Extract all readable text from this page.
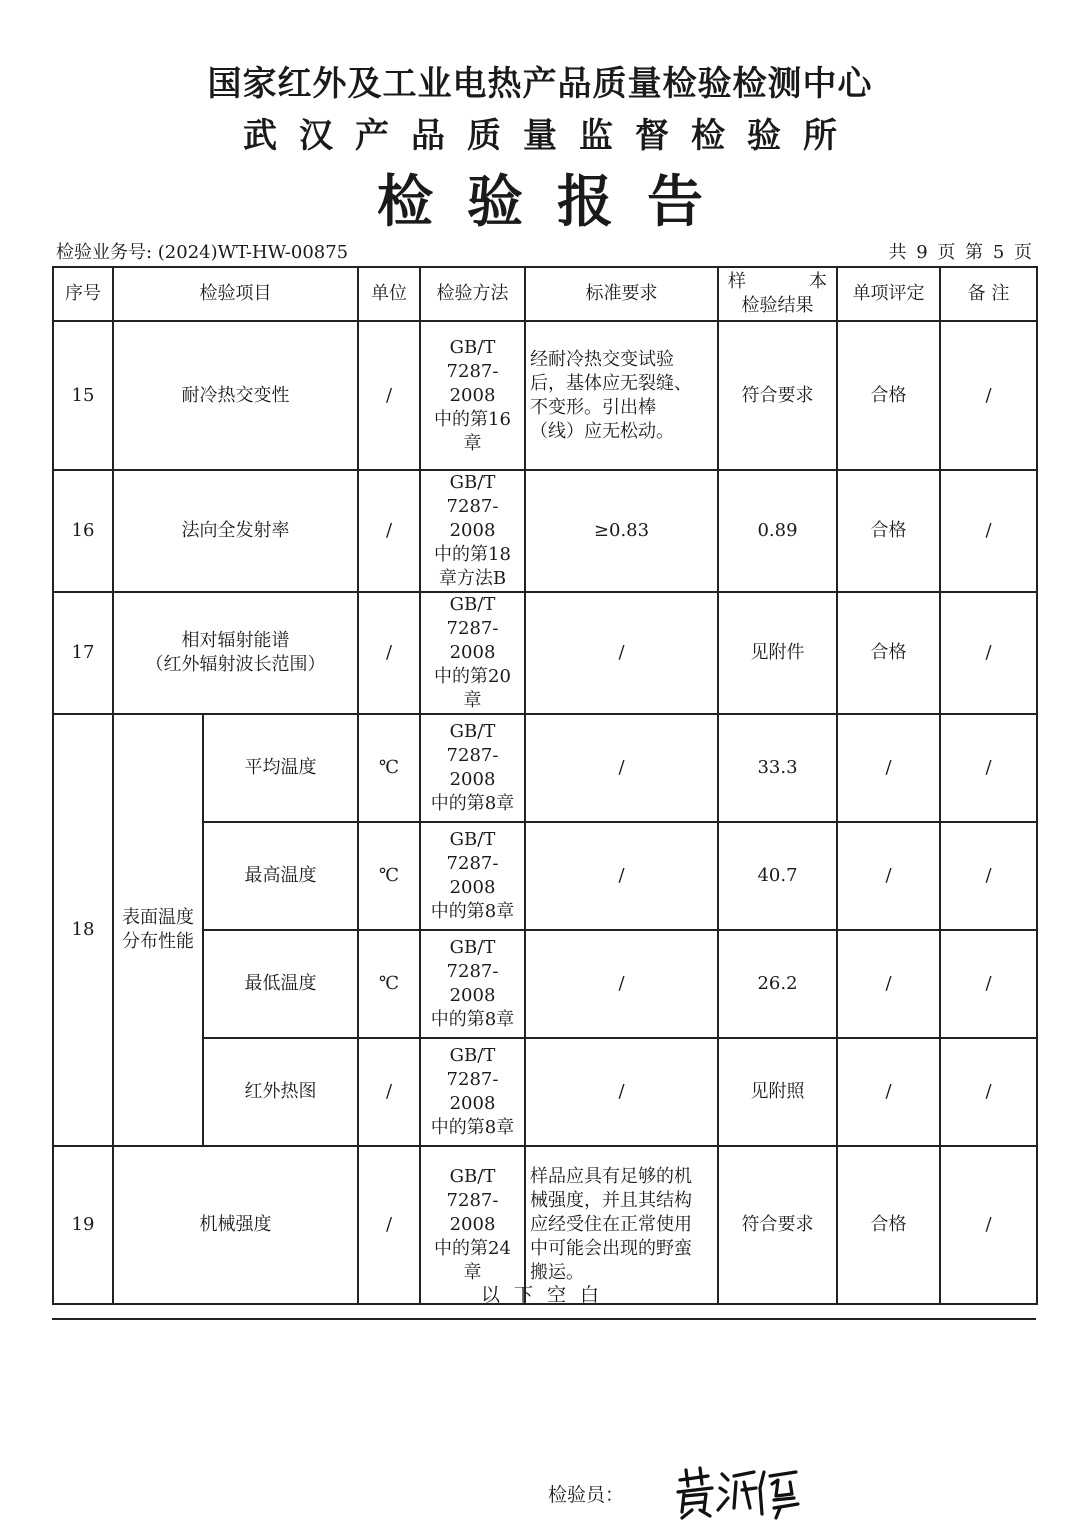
国家红外及工业电热产品质量检验检测中心
武汉产品质量监督检验所
检验报告
检验业务号: (2024)WT-HW-00875	共 9 页 第 5 页
序号	检验项目		单位	检验方法	标准要求	样 本
检验结果	单项评定	备 注
15	耐冷热交变性		/	GB/T
7287-2008
中的第16
章	经耐冷热交变试验
后，基体应无裂缝、
不变形。引出棒
（线）应无松动。	符合要求	合格	/
16	法向全发射率		/	GB/T
7287-2008
中的第18
章方法B	≥0.83	0.89	合格	/
17	相对辐射能谱
（红外辐射波长范围）		/	GB/T
7287-2008
中的第20
章	/	见附件	合格	/
18	表面温度
分布性能	平均温度	℃	GB/T
7287-2008
中的第8章	/	33.3	/	/
		最高温度	℃	GB/T
7287-2008
中的第8章	/	40.7	/	/
		最低温度	℃	GB/T
7287-2008
中的第8章	/	26.2	/	/
		红外热图	/	GB/T
7287-2008
中的第8章	/	见附照	/	/
19	机械强度		/	GB/T
7287-2008
中的第24
章	样品应具有足够的机
械强度，并且其结构
应经受住在正常使用
中可能会出现的野蛮
搬运。	符合要求	合格	/
以下空白
检验员：
